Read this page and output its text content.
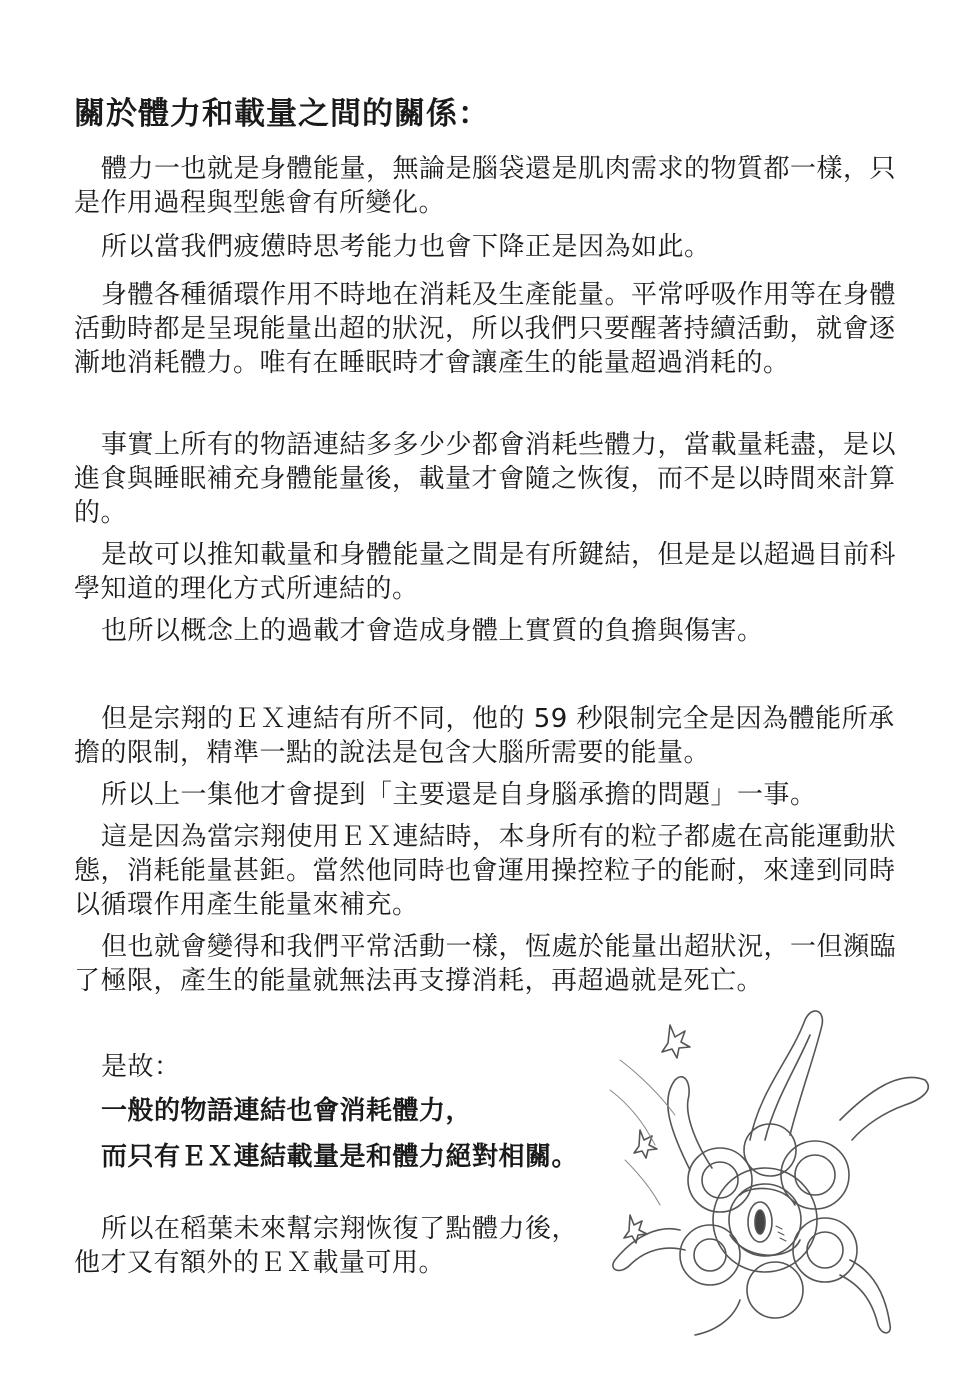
關於體力和載量之間的關係：

體力一也就是身體能量，無論是腦袋還是肌肉需求的物質都一樣，只是作用過程與型態會有所變化。

所以當我們疲憊時思考能力也會下降正是因為如此。

身體各種循環作用不時地在消耗及生產能量。平常呼吸作用等在身體活動時都是呈現能量出超的狀況，所以我們只要醒著持續活動，就會逐漸地消耗體力。唯有在睡眠時才會讓產生的能量超過消耗的。

事實上所有的物語連結多多少少都會消耗些體力，當載量耗盡，是以進食與睡眠補充身體能量後，載量才會隨之恢復，而不是以時間來計算的。

是故可以推知載量和身體能量之間是有所鍵結，但是是以超過目前科學知道的理化方式所連結的。

也所以概念上的過載才會造成身體上實質的負擔與傷害。

但是宗翔的ＥＸ連結有所不同，他的 59 秒限制完全是因為體能所承擔的限制，精準一點的說法是包含大腦所需要的能量。

所以上一集他才會提到「主要還是自身腦承擔的問題」一事。

這是因為當宗翔使用ＥＸ連結時，本身所有的粒子都處在高能運動狀態，消耗能量甚鉅。當然他同時也會運用操控粒子的能耐，來達到同時以循環作用產生能量來補充。

但也就會變得和我們平常活動一樣，恆處於能量出超狀況，一但瀕臨了極限，產生的能量就無法再支撐消耗，再超過就是死亡。

是故：
一般的物語連結也會消耗體力，
而只有ＥＸ連結載量是和體力絕對相關。

所以在稻葉未來幫宗翔恢復了點體力後，他才又有額外的ＥＸ載量可用。
